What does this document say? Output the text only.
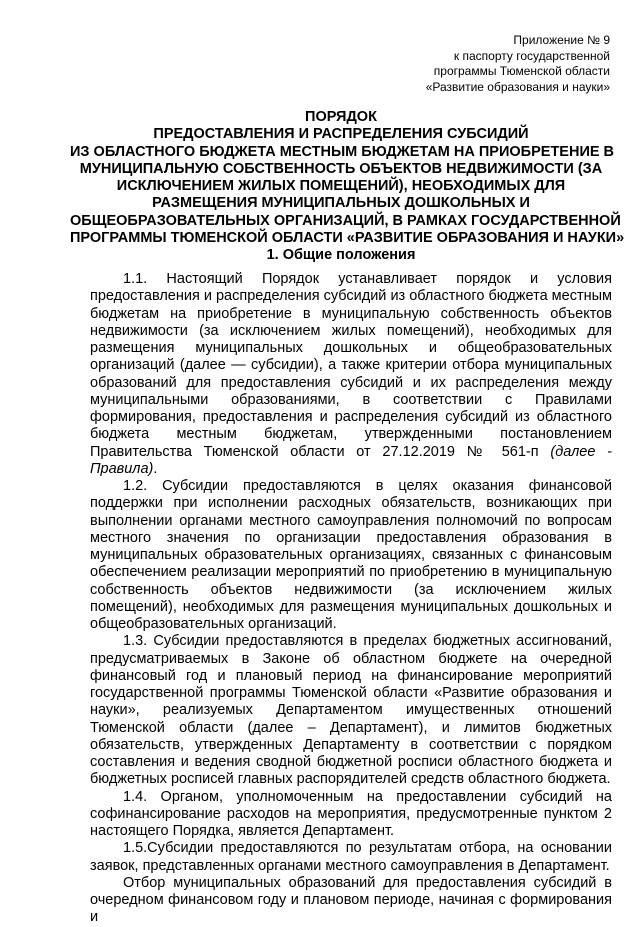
Приложение № 9
к паспорту государственной
программы Тюменской области
«Развитие образования и науки»
ПОРЯДОК
ПРЕДОСТАВЛЕНИЯ И РАСПРЕДЕЛЕНИЯ СУБСИДИЙ
ИЗ ОБЛАСТНОГО БЮДЖЕТА МЕСТНЫМ БЮДЖЕТАМ НА ПРИОБРЕТЕНИЕ В
МУНИЦИПАЛЬНУЮ СОБСТВЕННОСТЬ ОБЪЕКТОВ НЕДВИЖИМОСТИ (ЗА
ИСКЛЮЧЕНИЕМ ЖИЛЫХ ПОМЕЩЕНИЙ), НЕОБХОДИМЫХ ДЛЯ
РАЗМЕЩЕНИЯ МУНИЦИПАЛЬНЫХ ДОШКОЛЬНЫХ И
ОБЩЕОБРАЗОВАТЕЛЬНЫХ ОРГАНИЗАЦИЙ, В РАМКАХ ГОСУДАРСТВЕННОЙ
ПРОГРАММЫ ТЮМЕНСКОЙ ОБЛАСТИ «РАЗВИТИЕ ОБРАЗОВАНИЯ И НАУКИ»
1. Общие положения

1.1. Настоящий Порядок устанавливает порядок и условия предоставления и распределения субсидий из областного бюджета местным бюджетам на приобретение в муниципальную собственность объектов недвижимости (за исключением жилых помещений), необходимых для размещения муниципальных дошкольных и общеобразовательных организаций (далее — субсидии), а также критерии отбора муниципальных образований для предоставления субсидий и их распределения между муниципальными образованиями, в соответствии с Правилами формирования, предоставления и распределения субсидий из областного бюджета местным бюджетам, утвержденными постановлением Правительства Тюменской области от 27.12.2019 № 561-п (далее - Правила).

1.2. Субсидии предоставляются в целях оказания финансовой поддержки при исполнении расходных обязательств, возникающих при выполнении органами местного самоуправления полномочий по вопросам местного значения по организации предоставления образования в муниципальных образовательных организациях, связанных с финансовым обеспечением реализации мероприятий по приобретению в муниципальную собственность объектов недвижимости (за исключением жилых помещений), необходимых для размещения муниципальных дошкольных и общеобразовательных организаций.

1.3. Субсидии предоставляются в пределах бюджетных ассигнований, предусматриваемых в Законе об областном бюджете на очередной финансовый год и плановый период на финансирование мероприятий государственной программы Тюменской области «Развитие образования и науки», реализуемых Департаментом имущественных отношений Тюменской области (далее – Департамент), и лимитов бюджетных обязательств, утвержденных Департаменту в соответствии с порядком составления и ведения сводной бюджетной росписи областного бюджета и бюджетных росписей главных распорядителей средств областного бюджета.

1.4. Органом, уполномоченным на предоставлении субсидий на софинансирование расходов на мероприятия, предусмотренные пунктом 2 настоящего Порядка, является Департамент.

1.5.Субсидии предоставляются по результатам отбора, на основании заявок, представленных органами местного самоуправления в Департамент.

Отбор муниципальных образований для предоставления субсидий в очередном финансовом году и плановом периоде, начиная с формирования и
